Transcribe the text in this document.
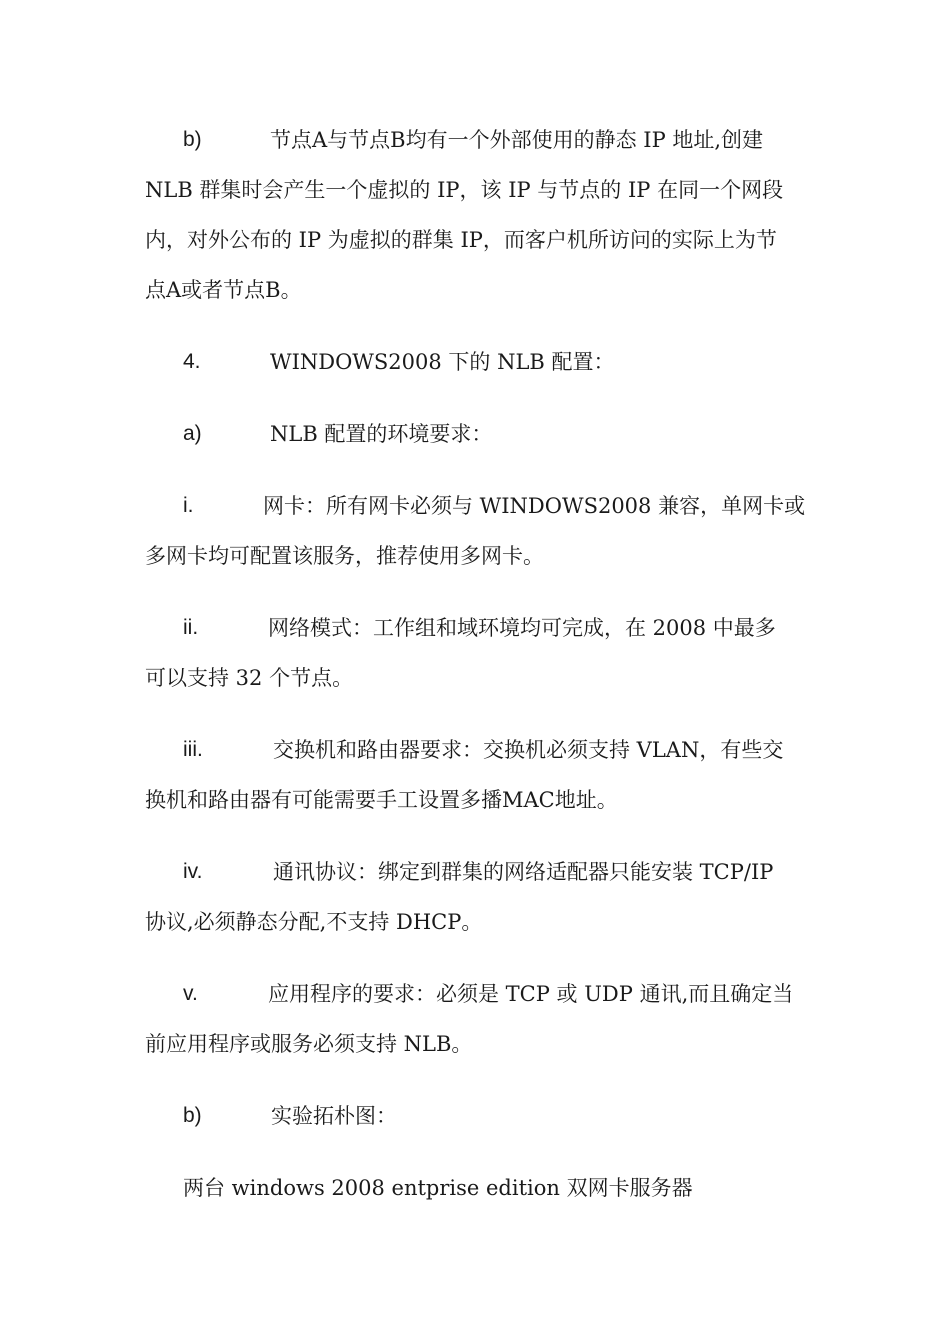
b)	节点A与节点B均有一个外部使用的静态 IP 地址,创建
NLB 群集时会产生一个虚拟的 IP，该 IP 与节点的 IP 在同一个网段
内，对外公布的 IP 为虚拟的群集 IP，而客户机所访问的实际上为节
点A或者节点B。
4.	WINDOWS2008 下的 NLB 配置：
a)	NLB 配置的环境要求：
i.	网卡：所有网卡必须与 WINDOWS2008 兼容，单网卡或
多网卡均可配置该服务，推荐使用多网卡。
ii.	网络模式：工作组和域环境均可完成，在 2008 中最多
可以支持 32 个节点。
iii.	交换机和路由器要求：交换机必须支持 VLAN，有些交
换机和路由器有可能需要手工设置多播MAC地址。
iv.	通讯协议：绑定到群集的网络适配器只能安装 TCP/IP
协议,必须静态分配,不支持 DHCP。
v.	应用程序的要求：必须是 TCP 或 UDP 通讯,而且确定当
前应用程序或服务必须支持 NLB。
b)	实验拓朴图：
两台 windows 2008 entprise edition 双网卡服务器
